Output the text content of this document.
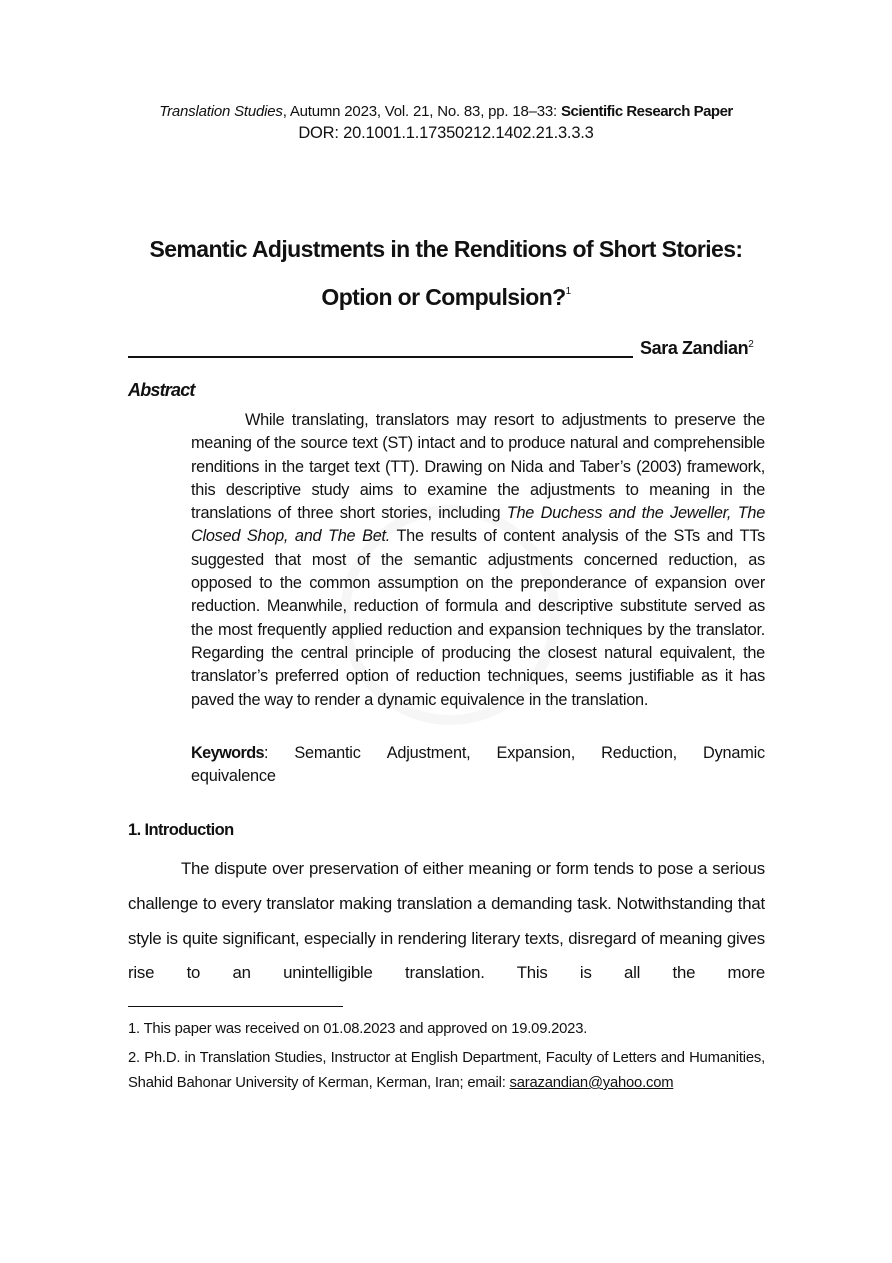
Translation Studies, Autumn 2023, Vol. 21, No. 83, pp. 18–33: Scientific Research Paper
DOR: 20.1001.1.17350212.1402.21.3.3.3
Semantic Adjustments in the Renditions of Short Stories:
Option or Compulsion?$^1$
Sara Zandian$^2$
Abstract

While translating, translators may resort to adjustments to preserve the meaning of the source text (ST) intact and to produce natural and comprehensible renditions in the target text (TT). Drawing on Nida and Taber’s (2003) framework, this descriptive study aims to examine the adjustments to meaning in the translations of three short stories, including The Duchess and the Jeweller, The Closed Shop, and The Bet. The results of content analysis of the STs and TTs suggested that most of the semantic adjustments concerned reduction, as opposed to the common assumption on the preponderance of expansion over reduction. Meanwhile, reduction of formula and descriptive substitute served as the most frequently applied reduction and expansion techniques by the translator. Regarding the central principle of producing the closest natural equivalent, the translator’s preferred option of reduction techniques, seems justifiable as it has paved the way to render a dynamic equivalence in the translation.

Keywords: Semantic Adjustment, Expansion, Reduction, Dynamic
equivalence
1. Introduction

The dispute over preservation of either meaning or form tends to pose a serious challenge to every translator making translation a demanding task. Notwithstanding that style is quite significant, especially in rendering literary texts, disregard of meaning gives rise to an unintelligible translation. This is all the more

1. This paper was received on 01.08.2023 and approved on 19.09.2023.

2. Ph.D. in Translation Studies, Instructor at English Department, Faculty of Letters and Humanities, Shahid Bahonar University of Kerman, Kerman, Iran; email: sarazandian@yahoo.com
